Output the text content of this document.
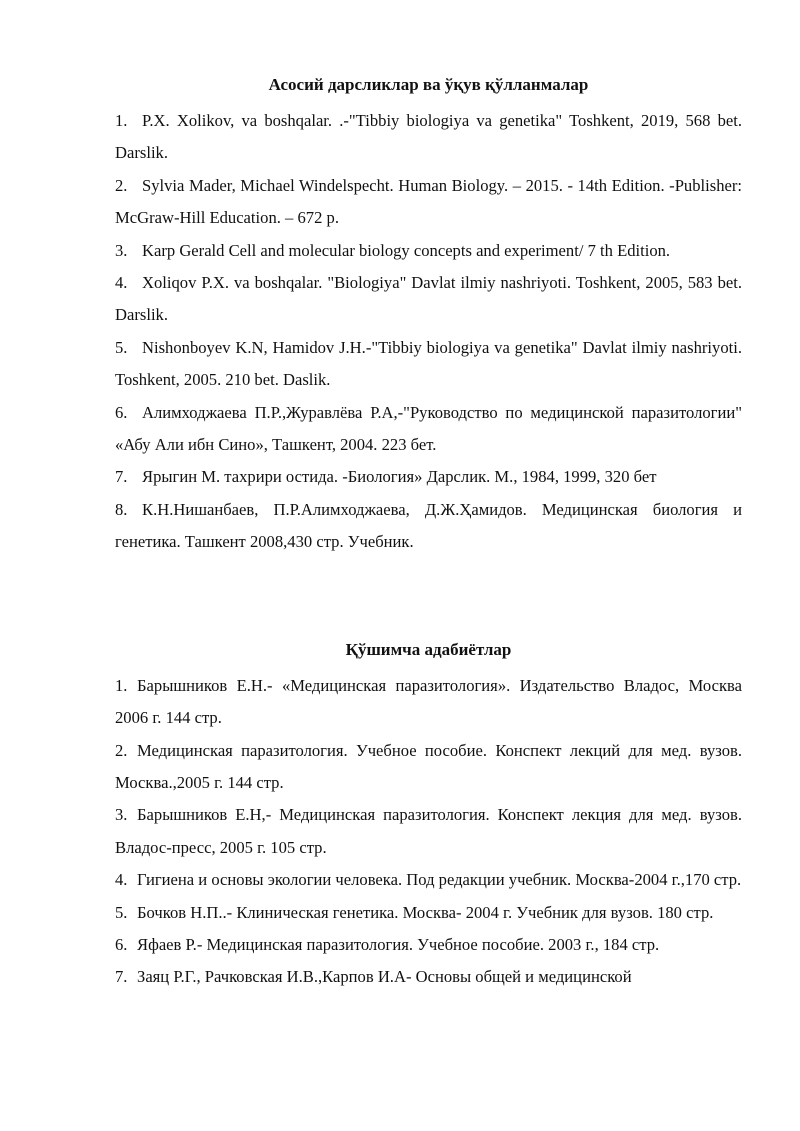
Асосий дарсликлар ва ўқув қўлланмалар
1. P.X. Xolikov, va boshqalar. .-"Tibbiy biologiya va genetika" Toshkent, 2019, 568 bet. Darslik.
2. Sylvia Mader, Michael Windelspecht. Human Biology. – 2015. - 14th Edition. -Publisher: McGraw-Hill Education. – 672 p.
3. Karp Gerald Cell and molecular biology concepts and experiment/ 7 th Edition.
4. Xoliqov P.X. va boshqalar. "Biologiya" Davlat ilmiy nashriyoti. Toshkent, 2005, 583 bet. Darslik.
5. Nishonboyev K.N, Hamidov J.H.-"Tibbiy biologiya va genetika" Davlat ilmiy nashriyoti. Toshkent, 2005. 210 bet. Daslik.
6. Алимходжаева П.Р.,Журавлёва Р.А,-"Руководство по медицинской паразитологии" «Абу Али ибн Сино», Ташкент, 2004. 223 бет.
7. Ярыгин М. тахрири остида. -Биология» Дарслик. М., 1984, 1999, 320 бет
8. К.Н.Нишанбаев, П.Р.Алимходжаева, Д.Ж.Ҳамидов. Медицинская биология и генетика. Ташкент 2008,430 стр. Учебник.
Қўшимча адабиётлар
1. Барышников Е.Н.- «Медицинская паразитология». Издательство Владос, Москва 2006 г. 144 стр.
2. Медицинская паразитология. Учебное пособие. Конспект лекций для мед. вузов. Москва.,2005 г. 144 стр.
3. Барышников Е.Н,- Медицинская паразитология. Конспект лекция для мед. вузов. Владос-пресс, 2005 г. 105 стр.
4. Гигиена и основы экологии человека. Под редакции учебник. Москва-2004 г.,170 стр.
5. Бочков Н.П..- Клиническая генетика. Москва- 2004 г. Учебник для вузов. 180 стр.
6. Яфаев Р.- Медицинская паразитология. Учебное пособие. 2003 г., 184 стр.
7. Заяц Р.Г., Рачковская И.В.,Карпов И.А- Основы общей и медицинской
